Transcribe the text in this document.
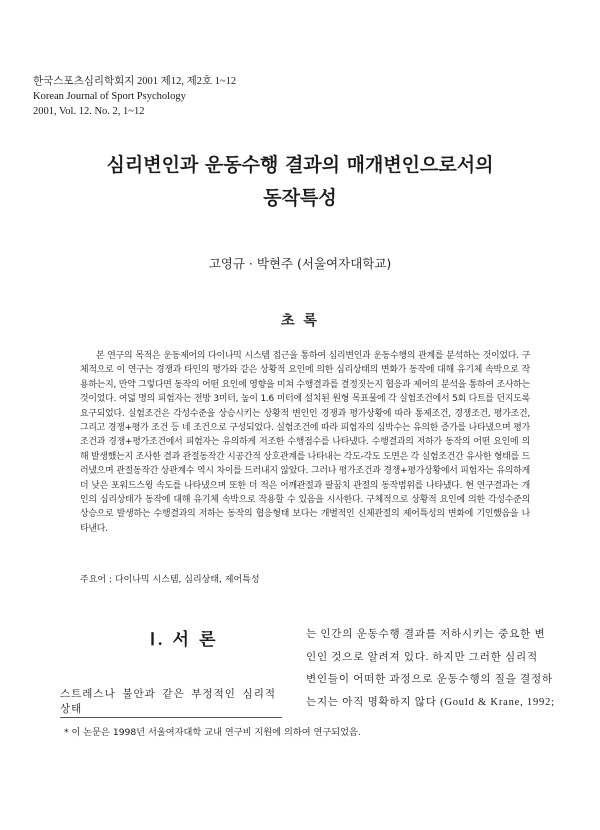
한국스포츠심리학회지 2001 제12, 제2호 1~12
Korean Journal of Sport Psychology
2001, Vol. 12. No. 2, 1~12
심리변인과 운동수행 결과의 매개변인으로서의
동작특성
고영규 · 박현주 (서울여자대학교)
초 록
본 연구의 목적은 운동제어의 다이나믹 시스템 접근을 통하여 심리변인과 운동수행의 관계를 분석하는 것이었다. 구체적으로 이 연구는 경쟁과 타인의 평가와 같은 상황적 요인에 의한 심리상태의 변화가 동작에 대해 유기체 속박으로 작용하는지, 만약 그렇다면 동작의 어떤 요인에 영향을 미쳐 수행결과를 결정짓는지 협응과 제어의 분석을 통하여 조사하는 것이었다. 여덟 명의 피험자는 전방 3미터, 높이 1.6 미터에 설치된 원형 목표물에 각 실험조건에서 5회 다트를 던지도록 요구되었다. 실험조건은 각성수준을 상승시키는 상황적 변인인 경쟁과 평가상황에 따라 통제조건, 경쟁조건, 평가조건, 그리고 경쟁+평가 조건 등 네 조건으로 구성되었다. 실험조건에 따라 피험자의 심박수는 유의한 증가를 나타냈으며 평가조건과 경쟁+평가조건에서 피험자는 유의하게 저조한 수행점수를 나타냈다. 수행결과의 저하가 동작의 어떤 요인에 의해 발생했는지 조사한 결과 관절동작간 시공간적 상호관계를 나타내는 각도-각도 도면은 각 실험조건간 유사한 형태를 드러냈으며 관절동작간 상관계수 역시 차이를 드러내지 않았다. 그러나 평가조건과 경쟁+평가상황에서 피험자는 유의하게 더 낮은 포워드스윙 속도를 나타냈으며 또한 더 적은 어깨관절과 팔꿈치 관절의 동작범위를 나타냈다. 현 연구결과는 개인의 심리상태가 동작에 대해 유기체 속박으로 작용할 수 있음을 시사한다. 구체적으로 상황적 요인에 의한 각성수준의 상승으로 발생하는 수행결과의 저하는 동작의 협응형태 보다는 개별적인 신체관절의 제어특성의 변화에 기인했음을 나타낸다.
주요어 : 다이나믹 시스템, 심리상태, 제어특성
Ⅰ. 서 론
스트레스나 불안과 같은 부정적인 심리적 상태
는 인간의 운동수행 결과를 저하시키는 중요한 변
인인 것으로 알려져 있다. 하지만 그러한 심리적
변인들이 어떠한 과정으로 운동수행의 질을 결정하
는지는 아직 명확하지 않다 (Gould & Krane, 1992;
* 이 논문은 1998년 서울여자대학 교내 연구비 지원에 의하여 연구되었음.
